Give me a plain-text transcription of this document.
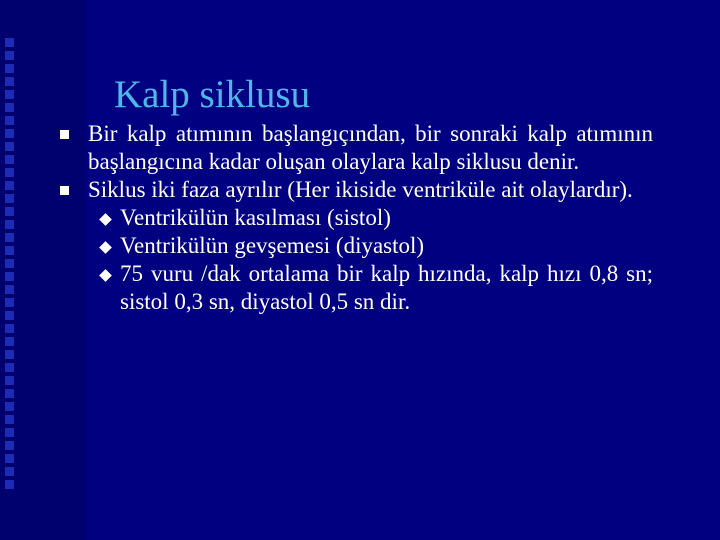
Kalp siklusu
Bir kalp atımının başlangıçından, bir sonraki kalp atımının başlangıcına kadar oluşan olaylara kalp siklusu denir.
Siklus iki faza ayrılır (Her ikiside ventriküle ait olaylardır).
Ventrikülün kasılması (sistol)
Ventrikülün gevşemesi (diyastol)
75 vuru /dak ortalama bir kalp hızında, kalp hızı 0,8 sn; sistol 0,3 sn, diyastol 0,5 sn dir.
